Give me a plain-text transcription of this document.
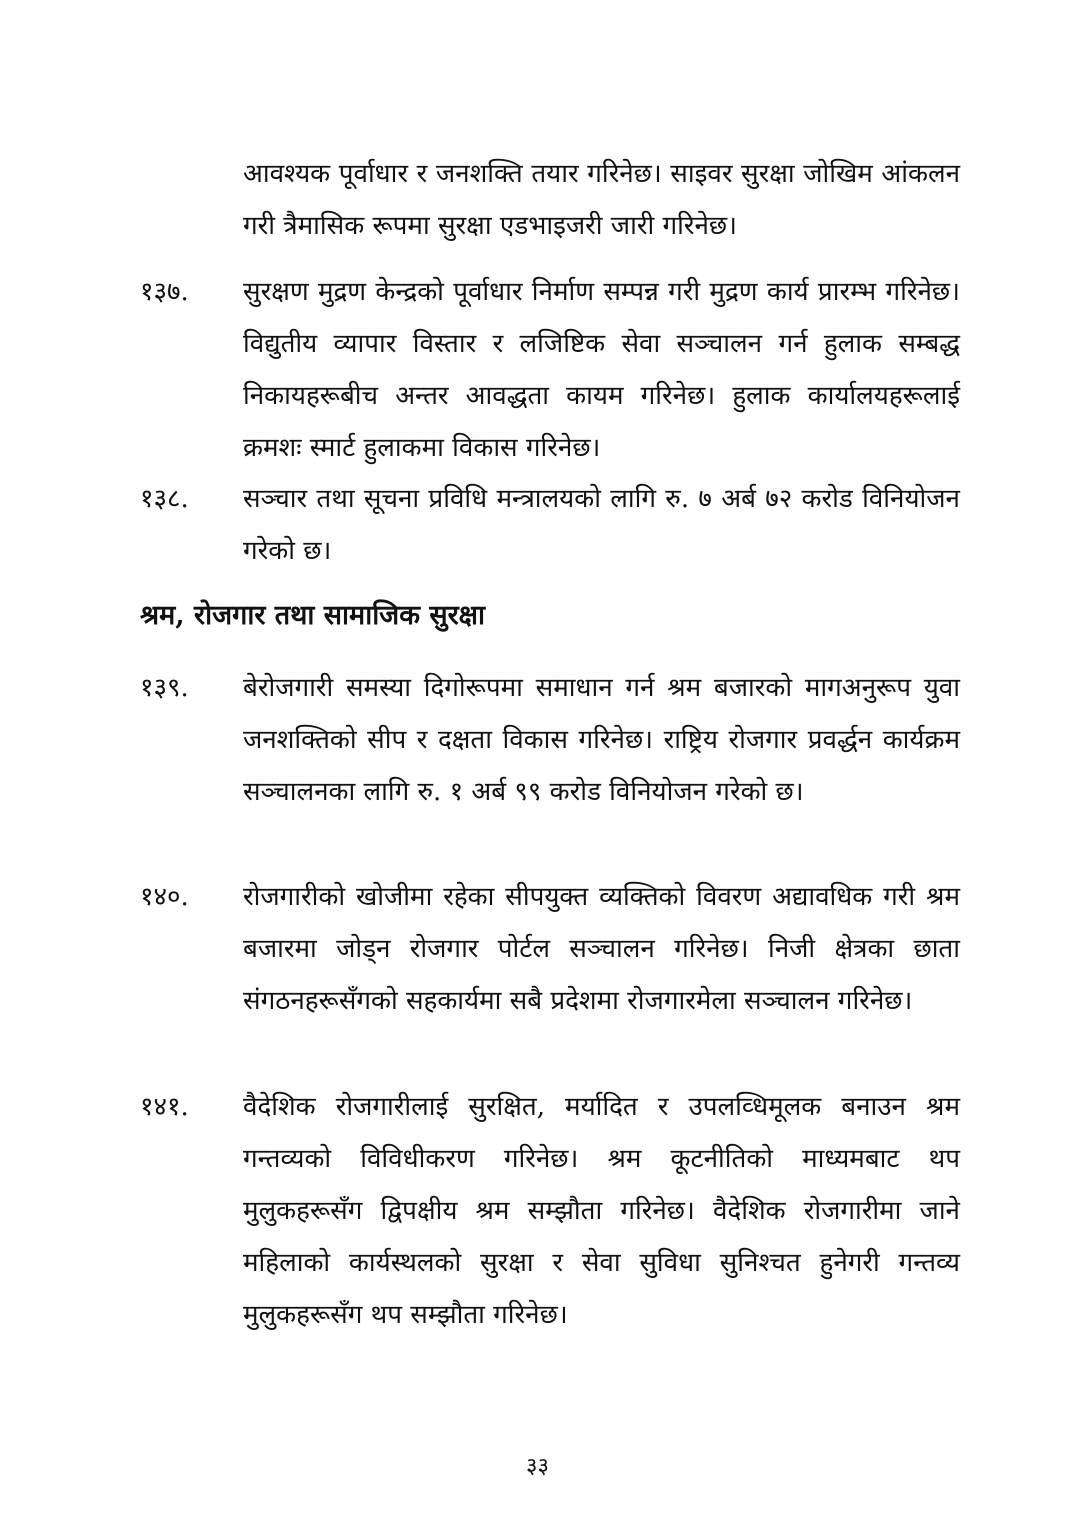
आवश्यक पूर्वाधार र जनशक्ति तयार गरिनेछ। साइवर सुरक्षा जोखिम आंकलन गरी त्रैमासिक रूपमा सुरक्षा एडभाइजरी जारी गरिनेछ।
१३७.	सुरक्षण मुद्रण केन्द्रको पूर्वाधार निर्माण सम्पन्न गरी मुद्रण कार्य प्रारम्भ गरिनेछ। विद्युतीय व्यापार विस्तार र लजिष्टिक सेवा सञ्चालन गर्न हुलाक सम्बद्ध निकायहरूबीच अन्तर आवद्धता कायम गरिनेछ। हुलाक कार्यालयहरूलाई क्रमशः स्मार्ट हुलाकमा विकास गरिनेछ।
१३८.	सञ्चार तथा सूचना प्रविधि मन्त्रालयको लागि रु. ७ अर्ब ७२ करोड विनियोजन गरेको छ।
श्रम, रोजगार तथा सामाजिक सुरक्षा
१३९.	बेरोजगारी समस्या दिगोरूपमा समाधान गर्न श्रम बजारको मागअनुरूप युवा जनशक्तिको सीप र दक्षता विकास गरिनेछ। राष्ट्रिय रोजगार प्रवर्द्धन कार्यक्रम सञ्चालनका लागि रु. १ अर्ब ९९ करोड विनियोजन गरेको छ।
१४०.	रोजगारीको खोजीमा रहेका सीपयुक्त व्यक्तिको विवरण अद्यावधिक गरी श्रम बजारमा जोड्न रोजगार पोर्टल सञ्चालन गरिनेछ। निजी क्षेत्रका छाता संगठनहरूसँगको सहकार्यमा सबै प्रदेशमा रोजगारमेला सञ्चालन गरिनेछ।
१४१.	वैदेशिक रोजगारीलाई सुरक्षित, मर्यादित र उपलव्धिमूलक बनाउन श्रम गन्तव्यको विविधीकरण गरिनेछ। श्रम कूटनीतिको माध्यमबाट थप मुलुकहरूसँग द्विपक्षीय श्रम सम्झौता गरिनेछ। वैदेशिक रोजगारीमा जाने महिलाको कार्यस्थलको सुरक्षा र सेवा सुविधा सुनिश्चत हुनेगरी गन्तव्य मुलुकहरूसँग थप सम्झौता गरिनेछ।
३३
